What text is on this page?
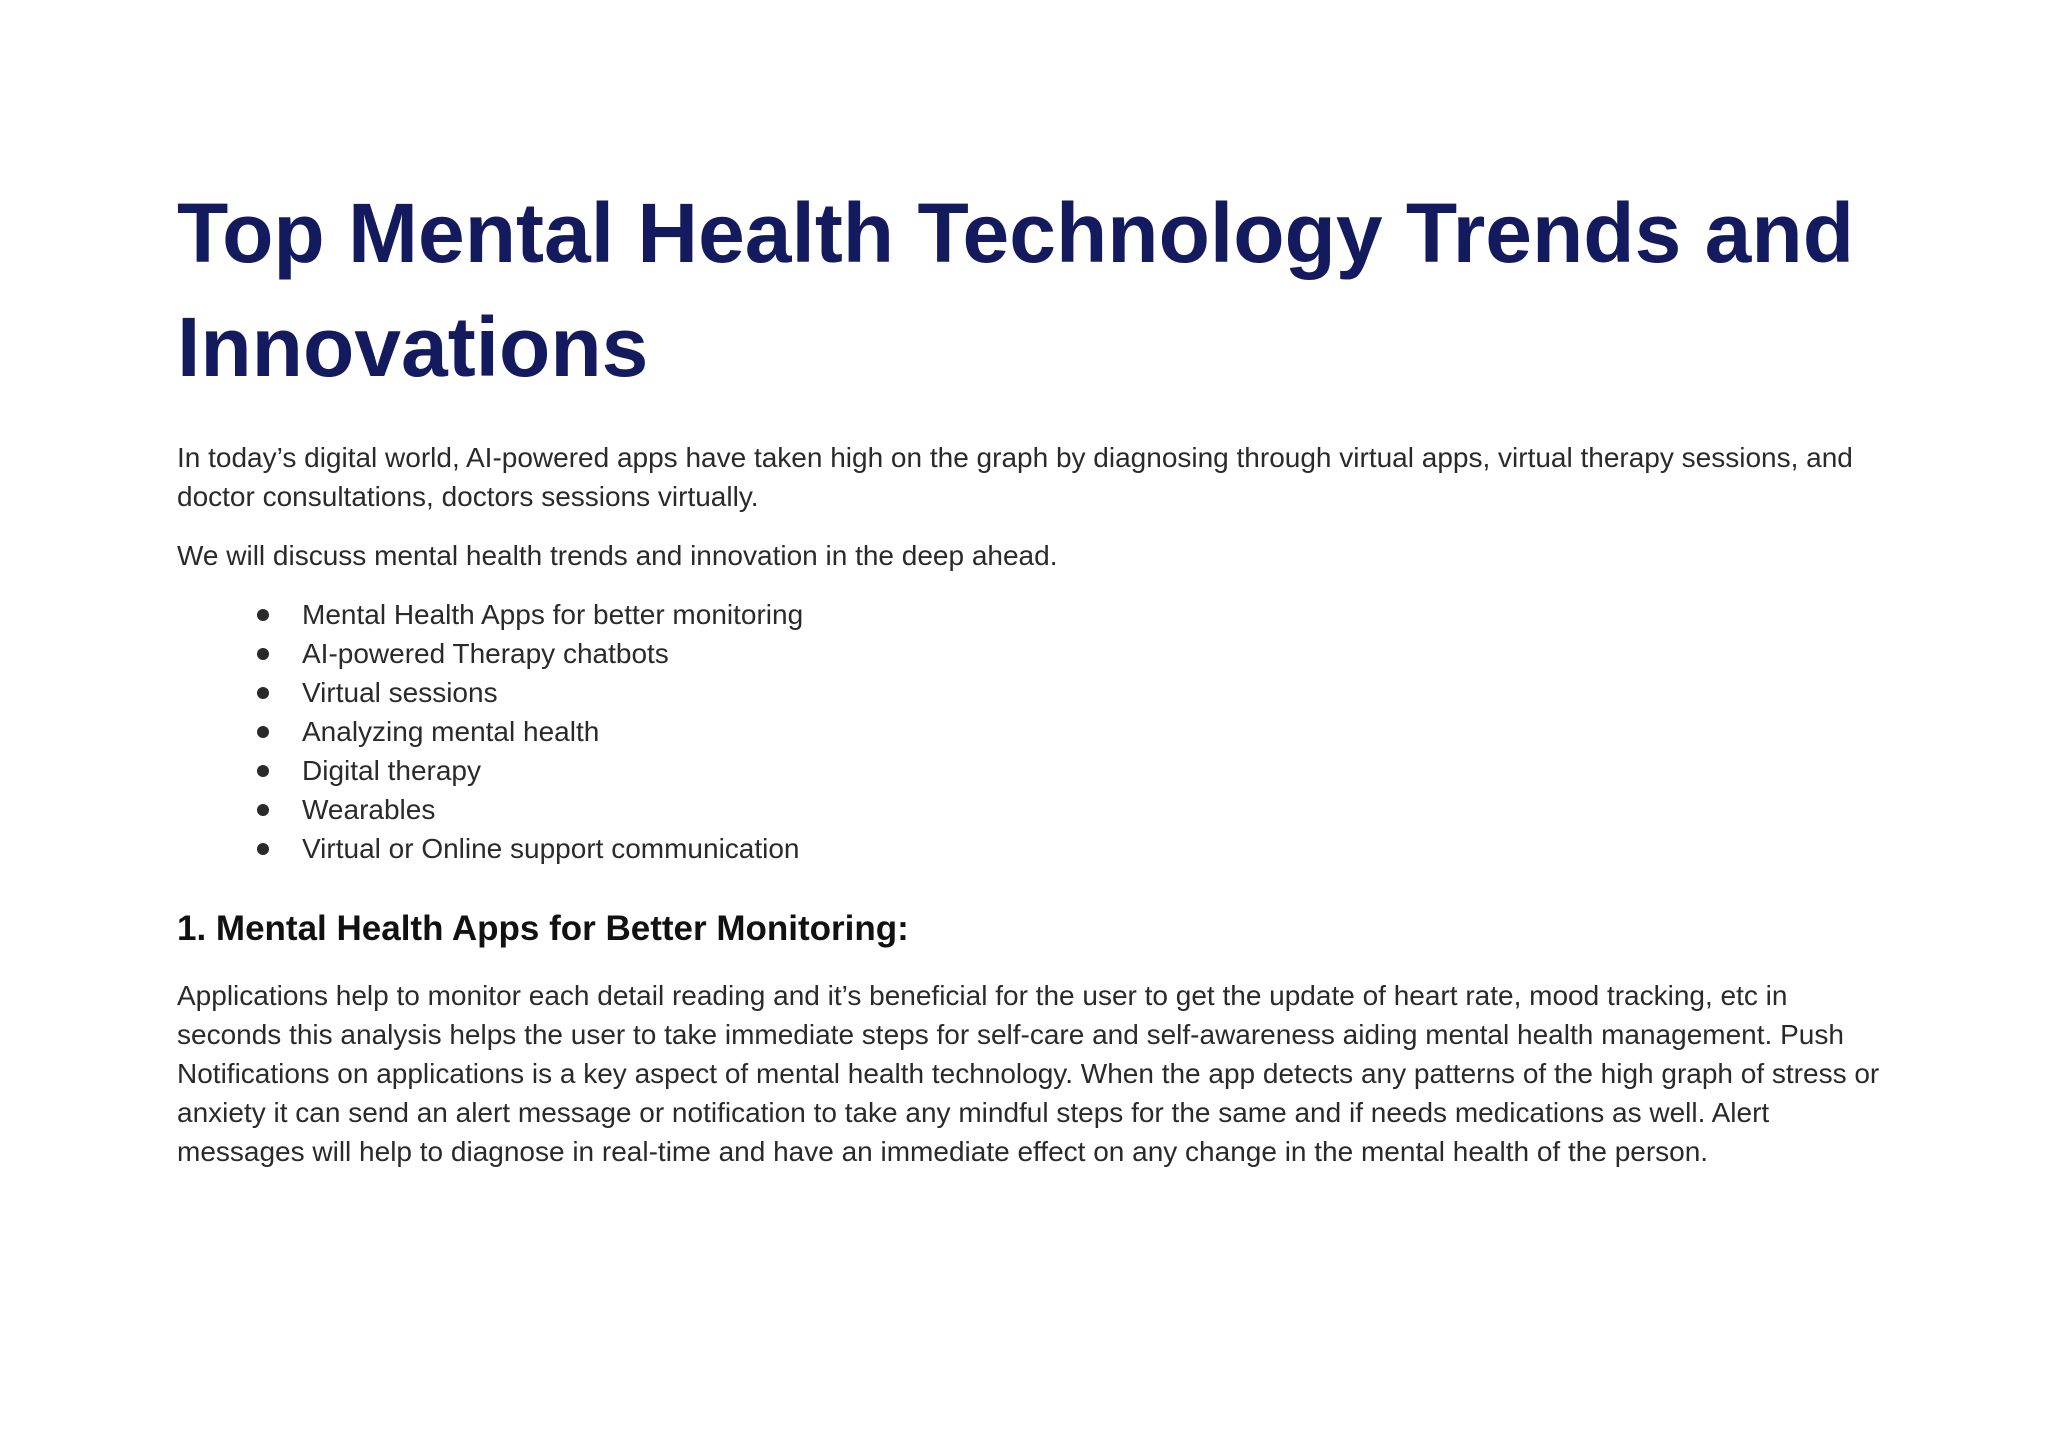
Top Mental Health Technology Trends and Innovations

In today’s digital world, AI-powered apps have taken high on the graph by diagnosing through virtual apps, virtual therapy sessions, and doctor consultations, doctors sessions virtually.

We will discuss mental health trends and innovation in the deep ahead.

Mental Health Apps for better monitoring
AI-powered Therapy chatbots
Virtual sessions
Analyzing mental health
Digital therapy
Wearables
Virtual or Online support communication
1. Mental Health Apps for Better Monitoring:

Applications help to monitor each detail reading and it’s beneficial for the user to get the update of heart rate, mood tracking, etc in seconds this analysis helps the user to take immediate steps for self-care and self-awareness aiding mental health management. Push Notifications on applications is a key aspect of mental health technology. When the app detects any patterns of the high graph of stress or anxiety it can send an alert message or notification to take any mindful steps for the same and if needs medications as well. Alert messages will help to diagnose in real-time and have an immediate effect on any change in the mental health of the person.
